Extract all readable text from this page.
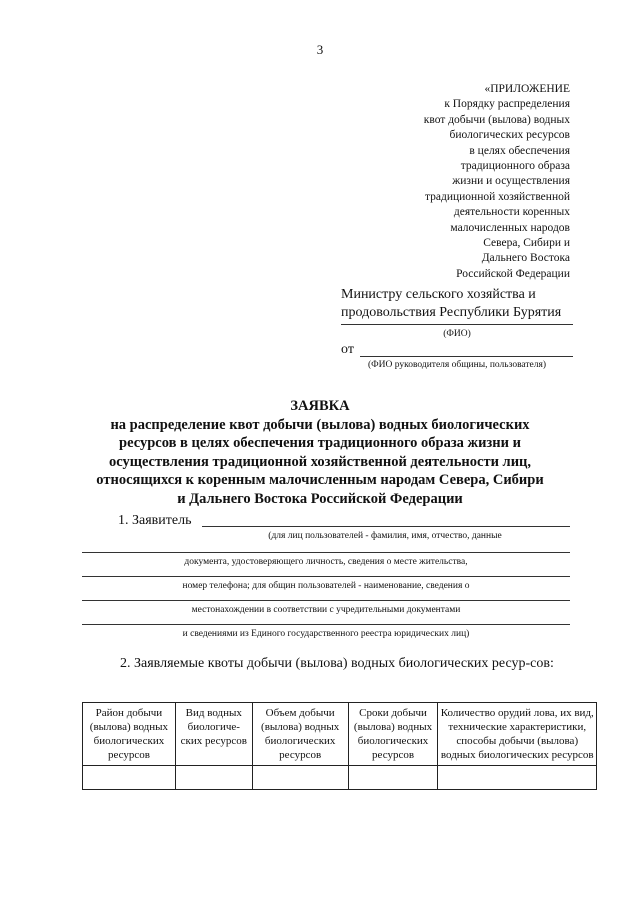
3
«ПРИЛОЖЕНИЕ
к Порядку распределения
квот добычи (вылова) водных
биологических ресурсов
в целях обеспечения
традиционного образа
жизни и осуществления
традиционной хозяйственной
деятельности коренных
малочисленных народов
Севера, Сибири и
Дальнего Востока
Российской Федерации
Министру сельского хозяйства и
продовольствия Республики Бурятия
(ФИО)
от
(ФИО руководителя общины, пользователя)
ЗАЯВКА
на распределение квот добычи (вылова) водных биологических
ресурсов в целях обеспечения традиционного образа жизни и
осуществления традиционной хозяйственной деятельности лиц,
относящихся к коренным малочисленным народам Севера, Сибири
и Дальнего Востока Российской Федерации
1. Заявитель
(для лиц пользователей - фамилия, имя, отчество, данные
документа, удостоверяющего личность, сведения о месте жительства,
номер телефона; для общин пользователей - наименование, сведения о
местонахождении в соответствии с учредительными документами
и сведениями из Единого государственного реестра юридических лиц)
2. Заявляемые квоты добычи (вылова) водных биологических ресур-сов:
Район добычи (вылова) водных биологических ресурсов	Вид водных биологиче-ских ресурсов	Объем добычи (вылова) водных биологических ресурсов	Сроки добычи (вылова) водных биологических ресурсов	Количество орудий лова, их вид, технические характеристики, способы добычи (вылова) водных биологических ресурсов
